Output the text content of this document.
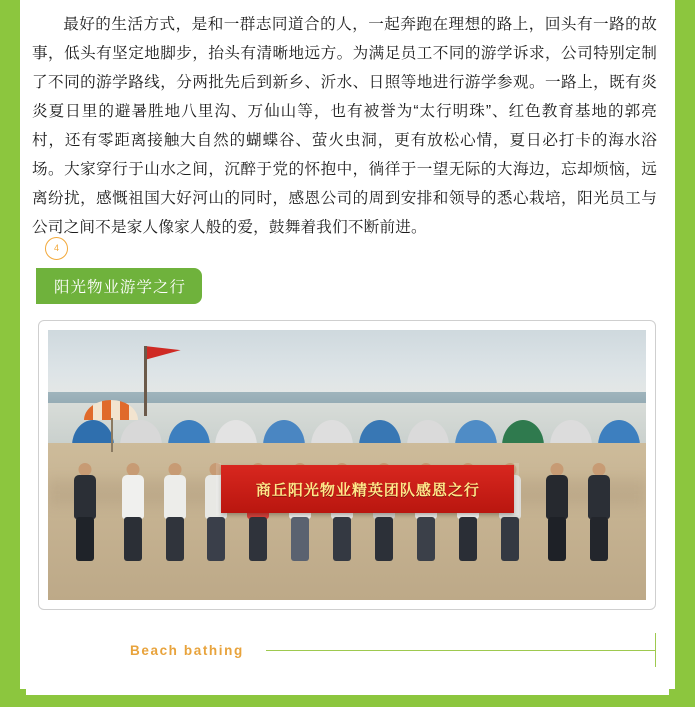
最好的生活方式，是和一群志同道合的人，一起奔跑在理想的路上，回头有一路的故事，低头有坚定地脚步，抬头有清晰地远方。为满足员工不同的游学诉求，公司特别定制了不同的游学路线，分两批先后到新乡、沂水、日照等地进行游学参观。一路上，既有炎炎夏日里的避暑胜地八里沟、万仙山等，也有被誉为“太行明珠”、红色教育基地的郭亮村，还有零距离接触大自然的蝴蝶谷、萤火虫洞，更有放松心情，夏日必打卡的海水浴场。大家穿行于山水之间，沉醉于党的怀抱中，徜徉于一望无际的大海边，忘却烦恼，远离纷扰，感慨祖国大好河山的同时，感恩公司的周到安排和领导的悉心栽培，阳光员工与公司之间不是家人像家人般的爱，鼓舞着我们不断前进。

4
阳光物业游学之行
商丘阳光物业精英团队感恩之行
Beach bathing
